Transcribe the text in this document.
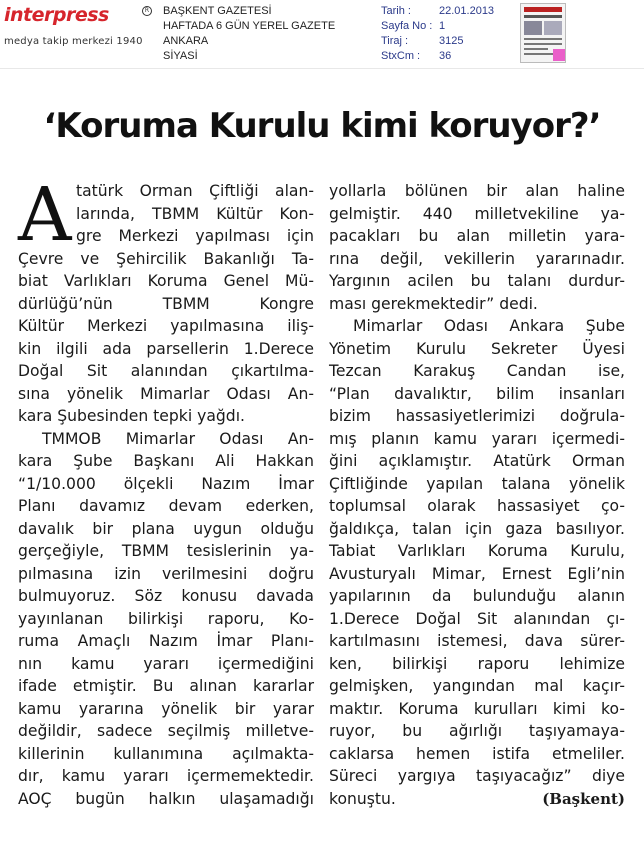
interpress	R
medya takip merkezi 1940
BAŞKENT GAZETESİ
HAFTADA 6 GÜN YEREL GAZETE
ANKARA
SİYASİ
Tarih :	22.01.2013
Sayfa No : 1
Tiraj :	3125
StxCm : 36
‘Koruma Kurulu kimi koruyor?’
A tatürk Orman Çiftliği alan-
larında, TBMM Kültür Kon-
gre Merkezi yapılması için
Çevre ve Şehircilik Bakanlığı Ta-
biat Varlıkları Koruma Genel Mü-
dürlüğü’nün TBMM Kongre
Kültür Merkezi yapılmasına iliş-
kin ilgili ada parsellerin 1.Derece
Doğal Sit alanından çıkartılma-
sına yönelik Mimarlar Odası An-
kara Şubesinden tepki yağdı.
TMMOB Mimarlar Odası An-
kara Şube Başkanı Ali Hakkan
“1/10.000 ölçekli Nazım İmar
Planı davamız devam ederken,
davalık bir plana uygun olduğu
gerçeğiyle, TBMM tesislerinin ya-
pılmasına izin verilmesini doğru
bulmuyoruz. Söz konusu davada
yayınlanan bilirkişi raporu, Ko-
ruma Amaçlı Nazım İmar Planı-
nın kamu yararı içermediğini
ifade etmiştir. Bu alınan kararlar
kamu yararına yönelik bir yarar
değildir, sadece seçilmiş milletve-
killerinin kullanımına açılmakta-
dır, kamu yararı içermemektedir.
AOÇ bugün halkın ulaşamadığı
yollarla bölünen bir alan haline
gelmiştir. 440 milletvekiline ya-
pacakları bu alan milletin yara-
rına değil, vekillerin yararınadır.
Yargının acilen bu talanı durdur-
ması gerekmektedir” dedi.
Mimarlar Odası Ankara Şube
Yönetim Kurulu Sekreter Üyesi
Tezcan Karakuş Candan ise,
“Plan davalıktır, bilim insanları
bizim hassasiyetlerimizi doğrula-
mış planın kamu yararı içermedi-
ğini açıklamıştır. Atatürk Orman
Çiftliğinde yapılan talana yönelik
toplumsal olarak hassasiyet ço-
ğaldıkça, talan için gaza basılıyor.
Tabiat Varlıkları Koruma Kurulu,
Avusturyalı Mimar, Ernest Egli’nin
yapılarının da bulunduğu alanın
1.Derece Doğal Sit alanından çı-
kartılmasını istemesi, dava sürer-
ken, bilirkişi raporu lehimize
gelmişken, yangından mal kaçır-
maktır. Koruma kurulları kimi ko-
ruyor, bu ağırlığı taşıyamaya-
caklarsa hemen istifa etmeliler.
Süreci yargıya taşıyacağız” diye
konuştu.	(Başkent)
